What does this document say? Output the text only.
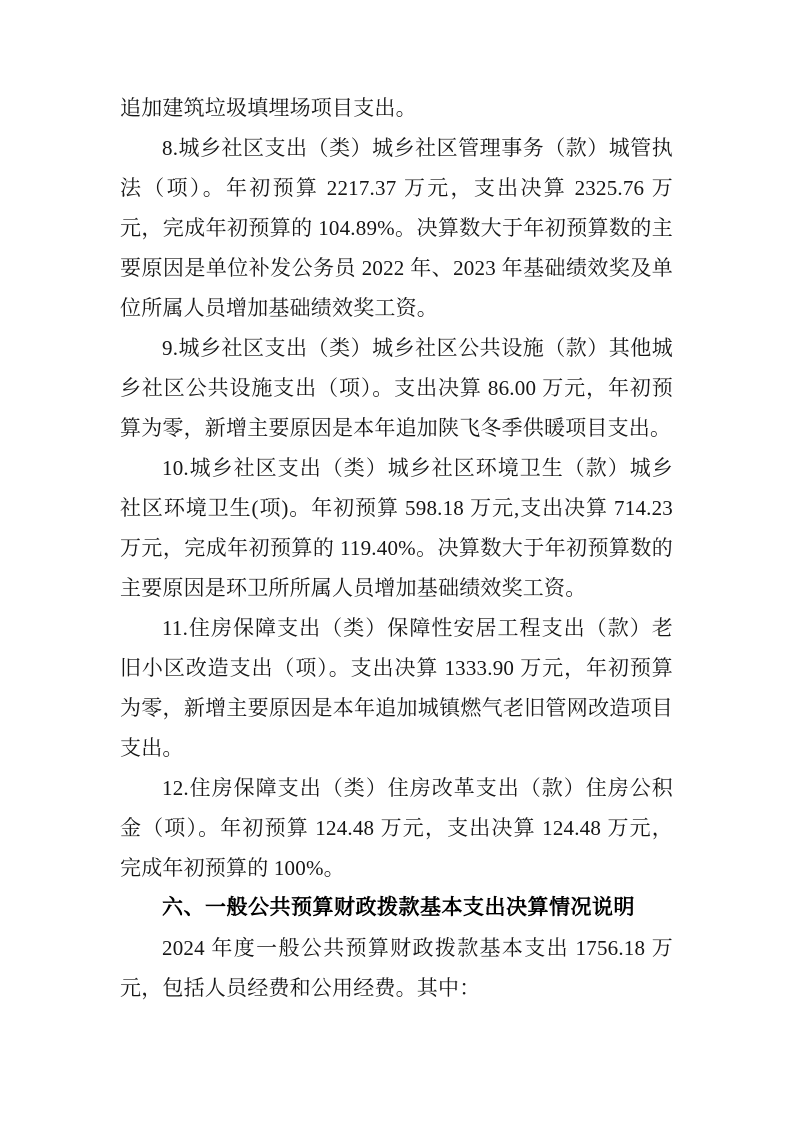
追加建筑垃圾填埋场项目支出。

8.城乡社区支出（类）城乡社区管理事务（款）城管执法（项）。年初预算 2217.37 万元，支出决算 2325.76 万元，完成年初预算的 104.89%。决算数大于年初预算数的主要原因是单位补发公务员 2022 年、2023 年基础绩效奖及单位所属人员增加基础绩效奖工资。

9.城乡社区支出（类）城乡社区公共设施（款）其他城乡社区公共设施支出（项）。支出决算 86.00 万元，年初预算为零，新增主要原因是本年追加陕飞冬季供暖项目支出。

10.城乡社区支出（类）城乡社区环境卫生（款）城乡社区环境卫生(项)。年初预算 598.18 万元,支出决算 714.23 万元，完成年初预算的 119.40%。决算数大于年初预算数的主要原因是环卫所所属人员增加基础绩效奖工资。

11.住房保障支出（类）保障性安居工程支出（款）老旧小区改造支出（项）。支出决算 1333.90 万元，年初预算为零，新增主要原因是本年追加城镇燃气老旧管网改造项目支出。

12.住房保障支出（类）住房改革支出（款）住房公积金（项）。年初预算 124.48 万元，支出决算 124.48 万元，完成年初预算的 100%。

六、一般公共预算财政拨款基本支出决算情况说明

2024 年度一般公共预算财政拨款基本支出 1756.18 万元，包括人员经费和公用经费。其中：
